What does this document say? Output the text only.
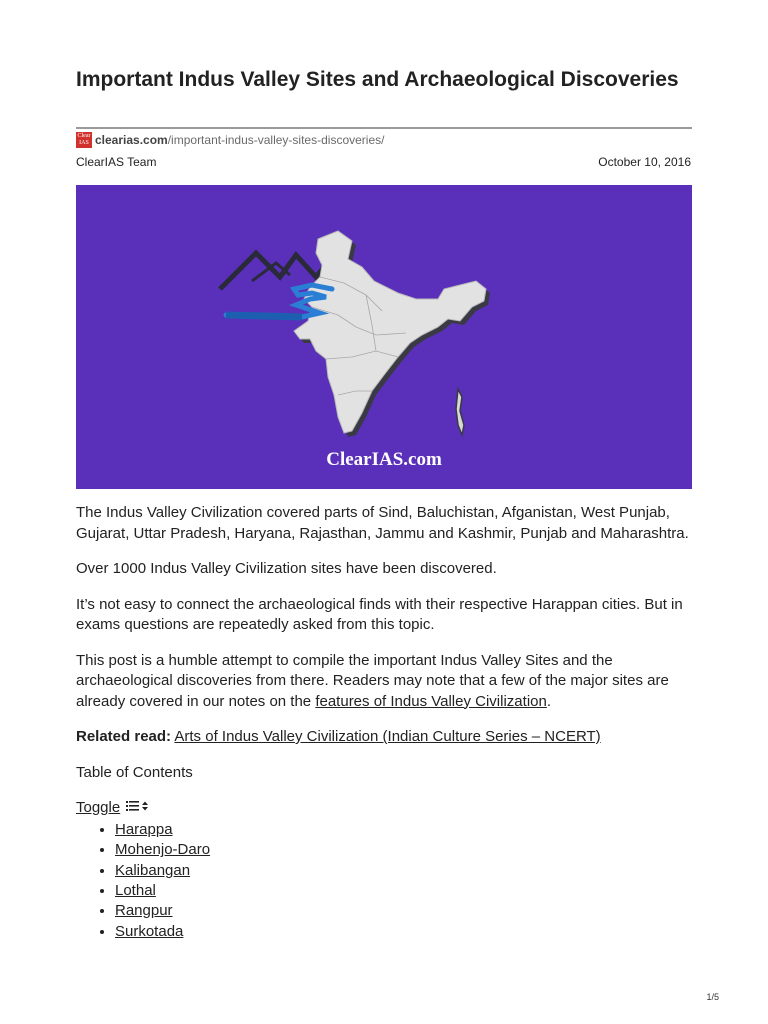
Important Indus Valley Sites and Archaeological Discoveries
Clear
IAS clearias.com /important-indus-valley-sites-discoveries/
ClearIAS Team	October 10, 2016
ClearIAS.com

The Indus Valley Civilization covered parts of Sind, Baluchistan, Afganistan, West Punjab, Gujarat, Uttar Pradesh, Haryana, Rajasthan, Jammu and Kashmir, Punjab and Maharashtra.

Over 1000 Indus Valley Civilization sites have been discovered.

It’s not easy to connect the archaeological finds with their respective Harappan cities. But in exams questions are repeatedly asked from this topic.

This post is a humble attempt to compile the important Indus Valley Sites and the archaeological discoveries from there. Readers may note that a few of the major sites are already covered in our notes on the features of Indus Valley Civilization.

Related read: Arts of Indus Valley Civilization (Indian Culture Series – NCERT)

Table of Contents

Toggle
• Harappa
• Mohenjo-Daro
• Kalibangan
• Lothal
• Rangpur
• Surkotada
1/5
